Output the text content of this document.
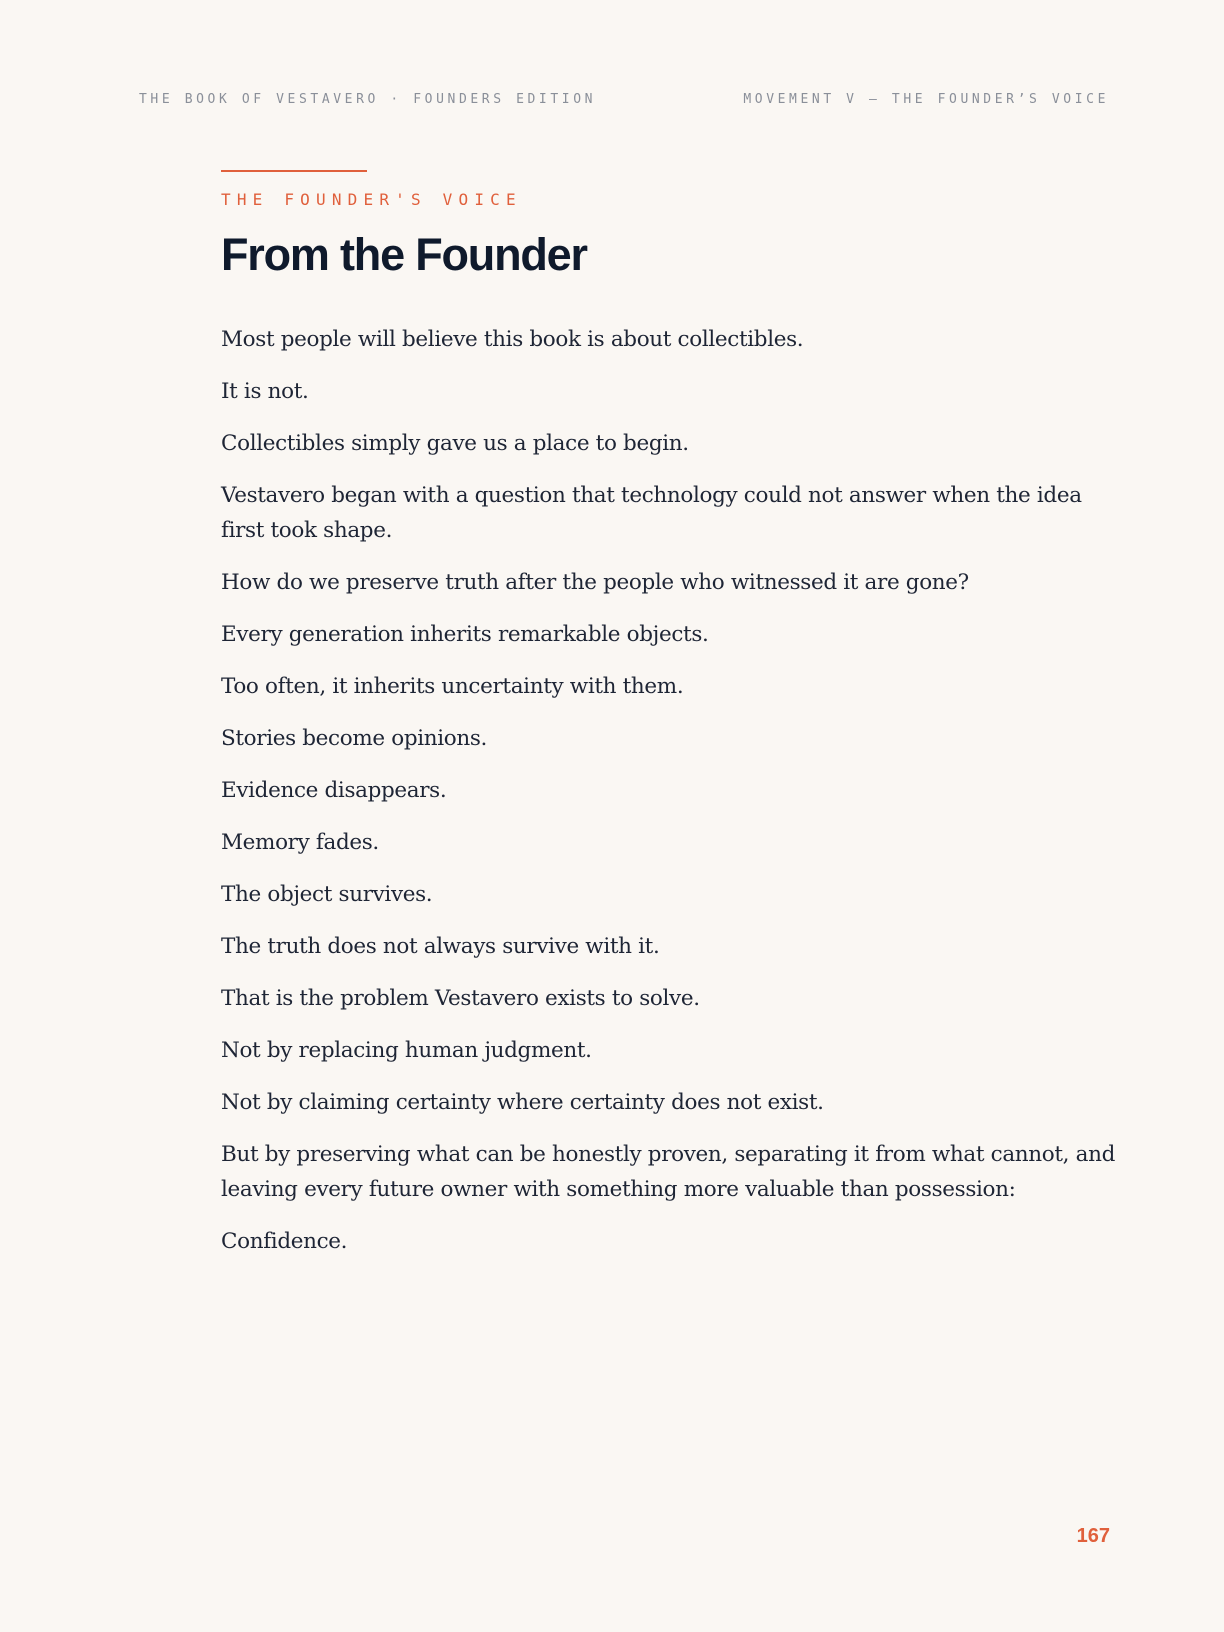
THE BOOK OF VESTAVERO · FOUNDERS EDITION	MOVEMENT V — THE FOUNDER’S VOICE

THE FOUNDER'S VOICE

From the Founder

Most people will believe this book is about collectibles.

It is not.

Collectibles simply gave us a place to begin.

Vestavero began with a question that technology could not answer when the idea first took shape.

How do we preserve truth after the people who witnessed it are gone?

Every generation inherits remarkable objects.

Too often, it inherits uncertainty with them.

Stories become opinions.

Evidence disappears.

Memory fades.

The object survives.

The truth does not always survive with it.

That is the problem Vestavero exists to solve.

Not by replacing human judgment.

Not by claiming certainty where certainty does not exist.

But by preserving what can be honestly proven, separating it from what cannot, and leaving every future owner with something more valuable than possession:

Confidence.

167
